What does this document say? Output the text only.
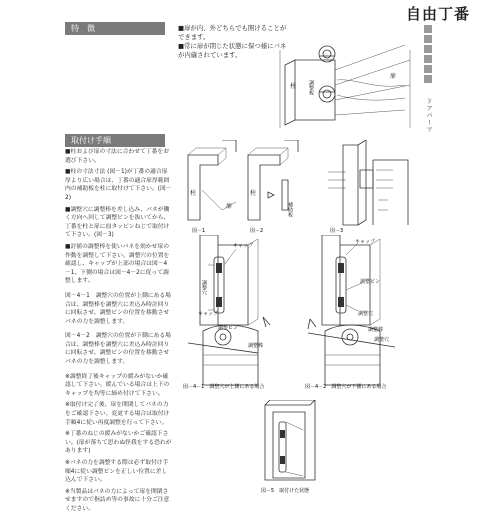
自由丁番
ドアパーツ
特　徴	■扉が内、外どちらでも開けることができます。
■常に扉が閉じた状態に保つ様にバネが内蔵されています。
柱 調整板
扉
取付け手順
■柱および扉の寸法に合わせて丁番をお選び下さい。
■柱の寸法寸法 (図－1)が丁番の適合扉厚より広い場合は、丁番の適合扉厚範囲内の補助板を柱に取付けて下さい。(図－2)
■調整穴に調整棒を差し込み、バネが働く方向へ回して調整ピンを抜いてから、丁番を柱と扉に皿タッピンねじで取付けて下さい。(図－3)
■討値の調整棒を使いバネを効かせ扉の作動を調整して下さい。調整穴の位置を確認し、キャップが上部の場合は図－4－1、下側の場合は図－4－2に従って調整します。
図－4－1　調整穴の位置が上側にある場合は、調整棒を調整穴に差込み時計回りに回転させ、調整ピンの位置を移動させバネの力を調整します。
図－4－2　調整穴の位置が下側にある場合は、調整棒を調整穴に差込み時計回りに回転させ、調整ピンの位置を移動させバネの力を調整します。
※調整終了後キャップの緩みがないか確認して下さい。緩んでいる場合は上下のキャップを均等に締め付けて下さい。
※取付け完了後、扉を開閉してバネの力をご確認下さい。変更する場合は取付け手順4に従い再度調整を行って下さい。
※丁番のねじの緩みがないかご確認下さい。(扉が落ちて思わぬ怪我をする恐れがあります)
※バネの力を調整する際は必ず取付け手順4に従い調整ピンを正しい位置に差し込んで下さい。
※当製品はバネの力によって扉を開閉させますので指詰め等の事故に十分ご注意ください。
柱
扉
図－1
柱
補助板
図－2	図－3
キャップ
調整穴
キャップ
調整ピン
調整棒
図－4－1　調整穴が上側にある場合
キャップ
調整ピン
調整穴
調整棒
調整穴
図－4－2　調整穴が下側にある場合
図－5　取付けた状態
